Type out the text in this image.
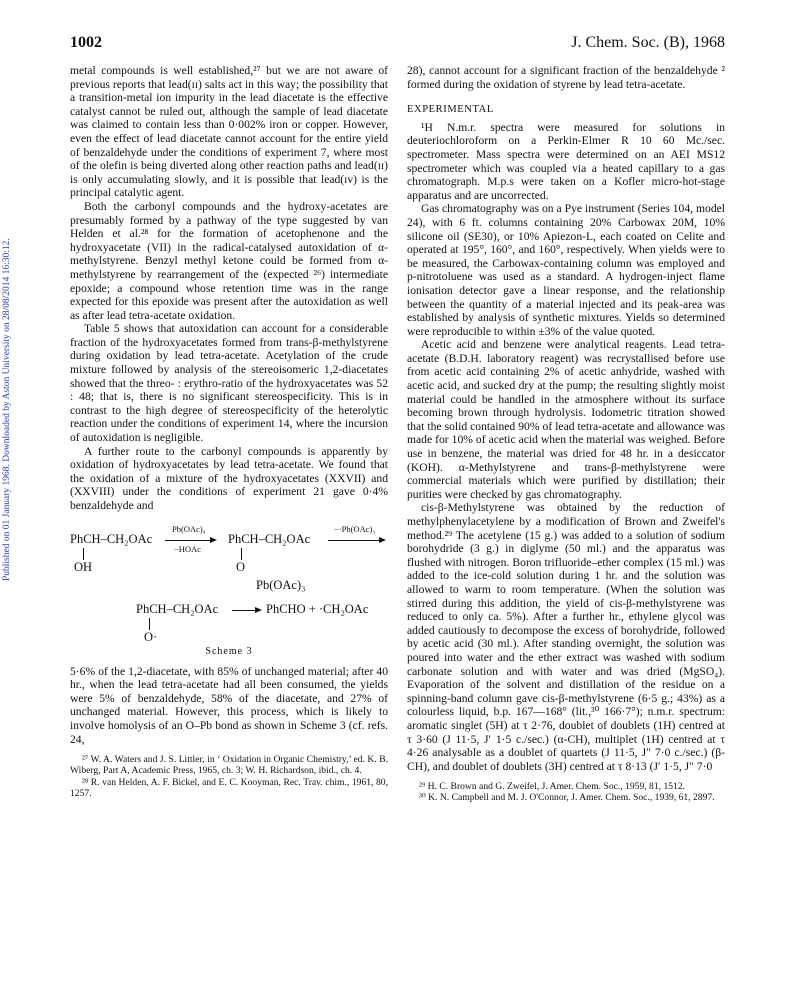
1002	J. Chem. Soc. (B), 1968
Published on 01 January 1968. Downloaded by Aston University on 28/08/2014 16:30:12.

metal compounds is well established,²⁷ but we are not aware of previous reports that lead(ɪɪ) salts act in this way; the possibility that a transition-metal ion impurity in the lead diacetate is the effective catalyst cannot be ruled out, although the sample of lead diacetate was claimed to contain less than 0·002% iron or copper. However, even the effect of lead diacetate cannot account for the entire yield of benzaldehyde under the conditions of experiment 7, where most of the olefin is being diverted along other reaction paths and lead(ɪɪ) is only accumulating slowly, and it is possible that lead(ɪv) is the principal catalytic agent.

Both the carbonyl compounds and the hydroxy-acetates are presumably formed by a pathway of the type suggested by van Helden et al.²⁸ for the formation of acetophenone and the hydroxyacetate (VII) in the radical-catalysed autoxidation of α-methylstyrene. Benzyl methyl ketone could be formed from α-methylstyrene by rearrangement of the (expected ²⁶) intermediate epoxide; a compound whose retention time was in the range expected for this epoxide was present after the autoxidation as well as after lead tetra-acetate oxidation.

Table 5 shows that autoxidation can account for a considerable fraction of the hydroxyacetates formed from trans-β-methylstyrene during oxidation by lead tetra-acetate. Acetylation of the crude mixture followed by analysis of the stereoisomeric 1,2-diacetates showed that the threo- : erythro-ratio of the hydroxyacetates was 52 : 48; that is, there is no significant stereospecificity. This is in contrast to the high degree of stereospecificity of the heterolytic reaction under the conditions of experiment 14, where the incursion of autoxidation is negligible.

A further route to the carbonyl compounds is apparently by oxidation of hydroxyacetates by lead tetra-acetate. We found that the oxidation of a mixture of the hydroxyacetates (XXVII) and (XXVIII) under the conditions of experiment 21 gave 0·4% benzaldehyde and

PhCH–CH₂OAc
OH
Pb(OAc)₄
−HOAc
PhCH–CH₂OAc
O
Pb(OAc)₃
−·Pb(OAc)₃
PhCH–CH₂OAc
O·
→ PhCHO + ·CH₂OAc
Scheme 3

5·6% of the 1,2-diacetate, with 85% of unchanged material; after 40 hr., when the lead tetra-acetate had all been consumed, the yields were 5% of benzaldehyde, 58% of the diacetate, and 27% of unchanged material. However, this process, which is likely to involve homolysis of an O–Pb bond as shown in Scheme 3 (cf. refs. 24,

²⁷ W. A. Waters and J. S. Littler, in ‘ Oxidation in Organic Chemistry,’ ed. K. B. Wiberg, Part A, Academic Press, 1965, ch. 3; W. H. Richardson, ibid., ch. 4.

²⁸ R. van Helden, A. F. Bickel, and E. C. Kooyman, Rec. Trav. chim., 1961, 80, 1257.

28), cannot account for a significant fraction of the benzaldehyde ² formed during the oxidation of styrene by lead tetra-acetate.

EXPERIMENTAL

¹H N.m.r. spectra were measured for solutions in deuteriochloroform on a Perkin-Elmer R 10 60 Mc./sec. spectrometer. Mass spectra were determined on an AEI MS12 spectrometer which was coupled via a heated capillary to a gas chromatograph. M.p.s were taken on a Kofler micro-hot-stage apparatus and are uncorrected.

Gas chromatography was on a Pye instrument (Series 104, model 24), with 6 ft. columns containing 20% Carbowax 20M, 10% silicone oil (SE30), or 10% Apiezon-L, each coated on Celite and operated at 195°, 160°, and 160°, respectively. When yields were to be measured, the Carbowax-containing column was employed and p-nitrotoluene was used as a standard. A hydrogen-inject flame ionisation detector gave a linear response, and the relationship between the quantity of a material injected and its peak-area was established by analysis of synthetic mixtures. Yields so determined were reproducible to within ±3% of the value quoted.

Acetic acid and benzene were analytical reagents. Lead tetra-acetate (B.D.H. laboratory reagent) was recrystallised before use from acetic acid containing 2% of acetic anhydride, washed with acetic acid, and sucked dry at the pump; the resulting slightly moist material could be handled in the atmosphere without its surface becoming brown through hydrolysis. Iodometric titration showed that the solid contained 90% of lead tetra-acetate and allowance was made for 10% of acetic acid when the material was weighed. Before use in benzene, the material was dried for 48 hr. in a desiccator (KOH). α-Methylstyrene and trans-β-methylstyrene were commercial materials which were purified by distillation; their purities were checked by gas chromatography.

cis-β-Methylstyrene was obtained by the reduction of methylphenylacetylene by a modification of Brown and Zweifel's method.²⁹ The acetylene (15 g.) was added to a solution of sodium borohydride (3 g.) in diglyme (50 ml.) and the apparatus was flushed with nitrogen. Boron trifluoride–ether complex (15 ml.) was added to the ice-cold solution during 1 hr. and the solution was allowed to warm to room temperature. (When the solution was stirred during this addition, the yield of cis-β-methylstyrene was reduced to only ca. 5%). After a further hr., ethylene glycol was added cautiously to decompose the excess of borohydride, followed by acetic acid (30 ml.). After standing overnight, the solution was poured into water and the ether extract was washed with sodium carbonate solution and with water and was dried (MgSO₄). Evaporation of the solvent and distillation of the residue on a spinning-band column gave cis-β-methylstyrene (6·5 g.; 43%) as a colourless liquid, b.p. 167—168° (lit.,³⁰ 166·7°); n.m.r. spectrum: aromatic singlet (5H) at τ 2·76, doublet of doublets (1H) centred at τ 3·60 (J 11·5, J′ 1·5 c./sec.) (α-CH), multiplet (1H) centred at τ 4·26 analysable as a doublet of quartets (J 11·5, J″ 7·0 c./sec.) (β-CH), and doublet of doublets (3H) centred at τ 8·13 (J′ 1·5, J″ 7·0

²⁹ H. C. Brown and G. Zweifel, J. Amer. Chem. Soc., 1959, 81, 1512.

³⁰ K. N. Campbell and M. J. O'Connor, J. Amer. Chem. Soc., 1939, 61, 2897.
